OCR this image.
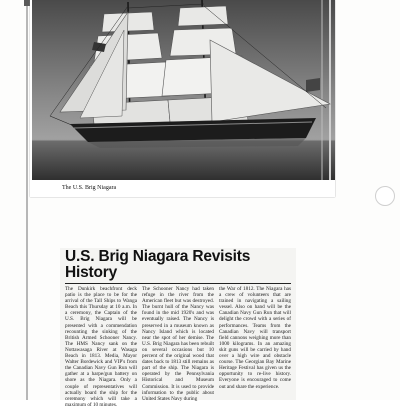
The U.S. Brig Niagara
U.S. Brig Niagara Revisits History
The Dunkirk beachfront deck patio is the place to be for the arrival of the Tall Ships to Wanga Beach this Thursday at 10 a.m. In a ceremony, the Captain of the U.S. Brig Niagara will be presented with a commendation recounting the sinking of the British Armed Schooner Nancy. The HMS Nancy sank on the Nottawasaga River at Wasaga Beach in 1813. Media, Mayor Walter Bordewick and VIP's from the Canadian Navy Gun Run will gather at a harpe/gun battery on shore as the Niagara. Only a couple of representatives will actually board the ship for the ceremony which will take a maximum of 10 minutes.
The Schooner Nancy had taken refuge in the river from the American fleet but was destroyed. The burnt hull of the Nancy was found in the mid 1920's and was eventually raised. The Nancy is preserved in a museum known as Nancy Island which is located near the spot of her demise. The U.S. Brig Niagara has been rebuilt on several occasions but 10 percent of the original wood that dates back to 1813 still remains as part of the ship. The Niagara is operated by the Pennsylvania Historical and Museum Commission. It is used to provide information to the public about United States Navy during
the War of 1812. The Niagara has a crew of volunteers that are trained in navigating a sailing vessel. Also on hand will be the Canadian Navy Gun Run that will delight the crowd with a series of performances. Teams from the Canadian Navy will transport field cannons weighing more than 1000 kilograms. In an amazing skit guns will be carried by hand over a high wire and obstacle course. The Georgian Bay Marine Heritage Festival has given us the opportunity to re-live history. Everyone is encouraged to come out and share the experience.
